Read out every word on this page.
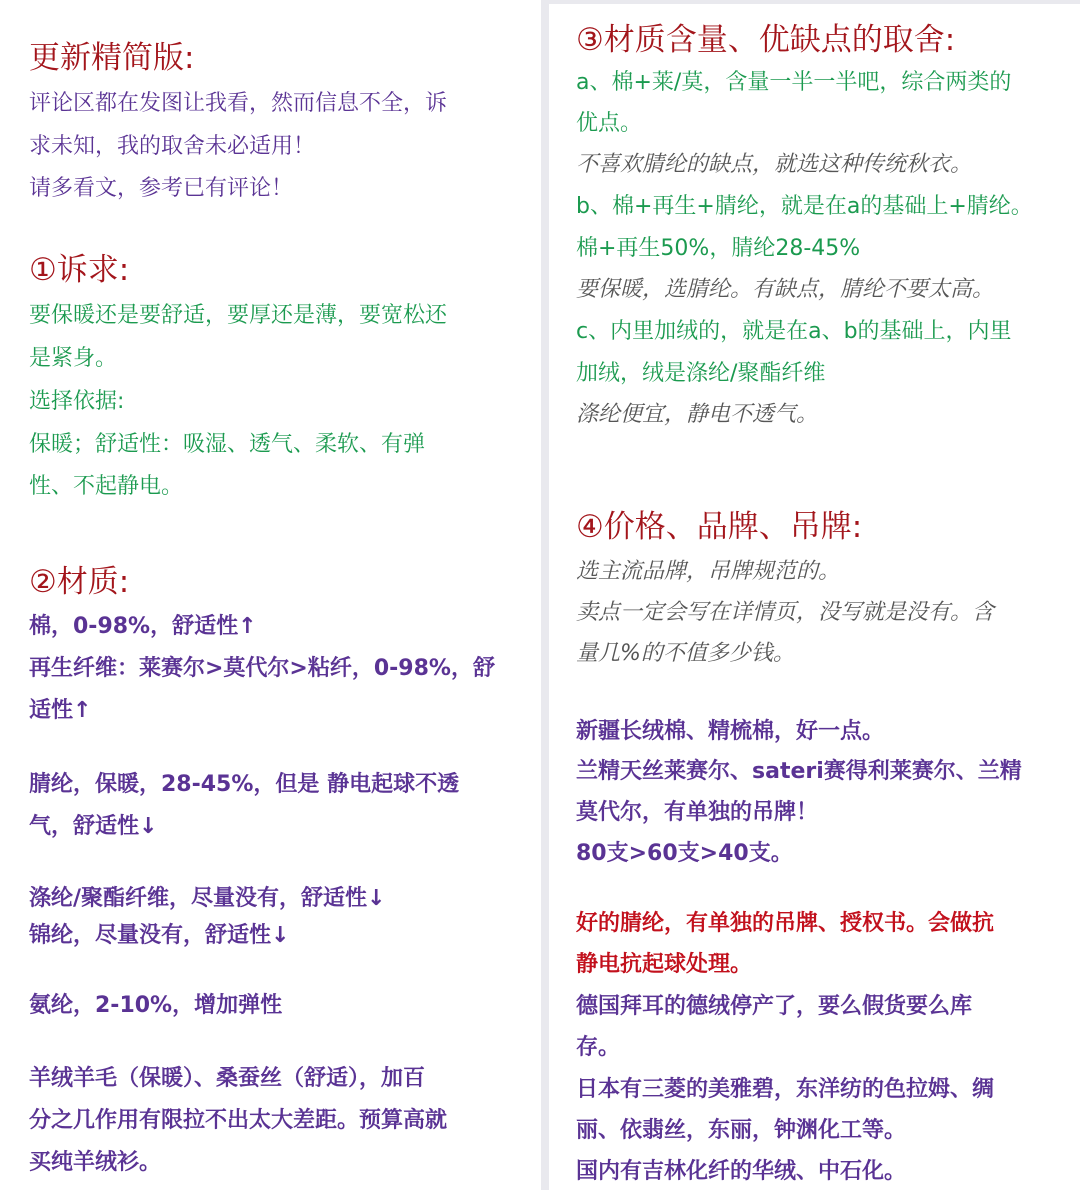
更新精简版:
评论区都在发图让我看，然而信息不全，诉
求未知，我的取舍未必适用！
请多看文，参考已有评论！
①诉求:
要保暖还是要舒适，要厚还是薄，要宽松还
是紧身。
选择依据:
保暖；舒适性：吸湿、透气、柔软、有弹
性、不起静电。
②材质:
棉，0-98%，舒适性↑
再生纤维：莱赛尔>莫代尔>粘纤，0-98%，舒
适性↑
腈纶，保暖，28-45%，但是 静电起球不透
气，舒适性↓
涤纶/聚酯纤维，尽量没有，舒适性↓
锦纶，尽量没有，舒适性↓
氨纶，2-10%，增加弹性
羊绒羊毛（保暖）、桑蚕丝（舒适），加百
分之几作用有限拉不出太大差距。预算高就
买纯羊绒衫。
③材质含量、优缺点的取舍:
a、棉+莱/莫，含量一半一半吧，综合两类的
优点。
不喜欢腈纶的缺点，就选这种传统秋衣。
b、棉+再生+腈纶，就是在a的基础上+腈纶。
棉+再生50%，腈纶28-45%
要保暖，选腈纶。有缺点，腈纶不要太高。
c、内里加绒的，就是在a、b的基础上，内里
加绒，绒是涤纶/聚酯纤维
涤纶便宜，静电不透气。
④价格、品牌、吊牌:
选主流品牌，吊牌规范的。
卖点一定会写在详情页，没写就是没有。含
量几%的不值多少钱。
新疆长绒棉、精梳棉，好一点。
兰精天丝莱赛尔、sateri赛得利莱赛尔、兰精
莫代尔，有单独的吊牌！
80支>60支>40支。
好的腈纶，有单独的吊牌、授权书。会做抗
静电抗起球处理。
德国拜耳的德绒停产了，要么假货要么库
存。
日本有三菱的美雅碧，东洋纺的色拉姆、绸
丽、依翡丝，东丽，钟渊化工等。
国内有吉林化纤的华绒、中石化。
